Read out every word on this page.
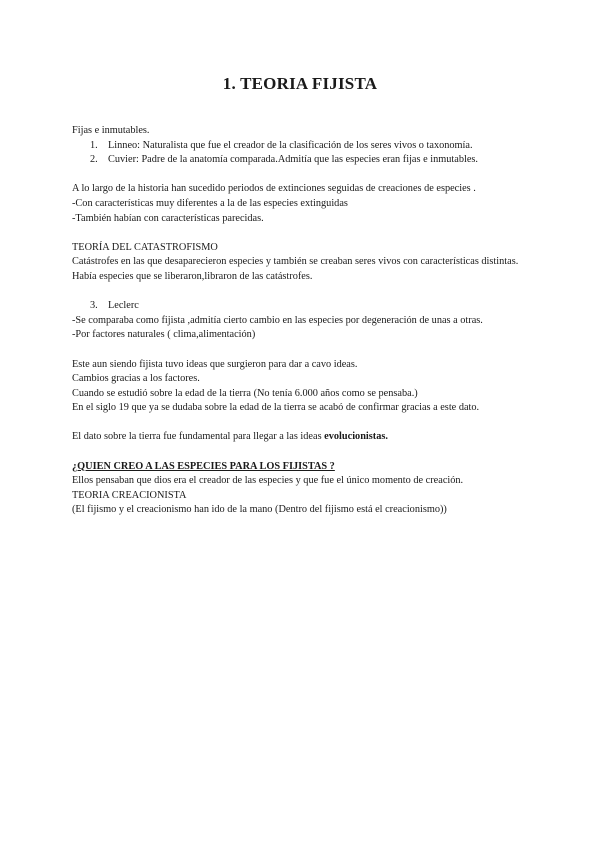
1. TEORIA FIJISTA
Fijas e inmutables.
1. Linneo: Naturalista que fue el creador de la clasificación de los seres vivos o taxonomía.
2. Cuvier: Padre de la anatomía comparada.Admitía que las especies eran fijas e inmutables.
A lo largo de la historia han sucedido periodos de extinciones seguidas de creaciones de especies .
-Con características muy diferentes a la de las especies extinguidas
-También habían con características parecidas.
TEORÍA DEL CATASTROFISMO
Catástrofes en las que desaparecieron especies y también se creaban seres vivos con características distintas.
Había especies que se liberaron,libraron de las catástrofes.
3. Leclerc
-Se comparaba como fijista ,admitía cierto cambio en las especies por degeneración de unas a otras.
-Por factores naturales ( clima,alimentación)
Este aun siendo fijista tuvo ideas que surgieron para dar a cavo ideas.
Cambios gracias a los factores.
Cuando se estudió sobre la edad de la tierra (No tenía 6.000 años como se pensaba.)
En el siglo 19 que ya se dudaba sobre la edad de la tierra se acabó de confirmar gracias a este dato.
El dato sobre la tierra fue fundamental para llegar a las ideas evolucionistas.
¿QUIEN CREO A LAS ESPECIES PARA LOS FIJISTAS ?
Ellos pensaban que dios era el creador de las especies y que fue el único momento de creación.
TEORIA CREACIONISTA
(El fijismo y el creacionismo han ido de la mano (Dentro del fijismo está el creacionismo))
